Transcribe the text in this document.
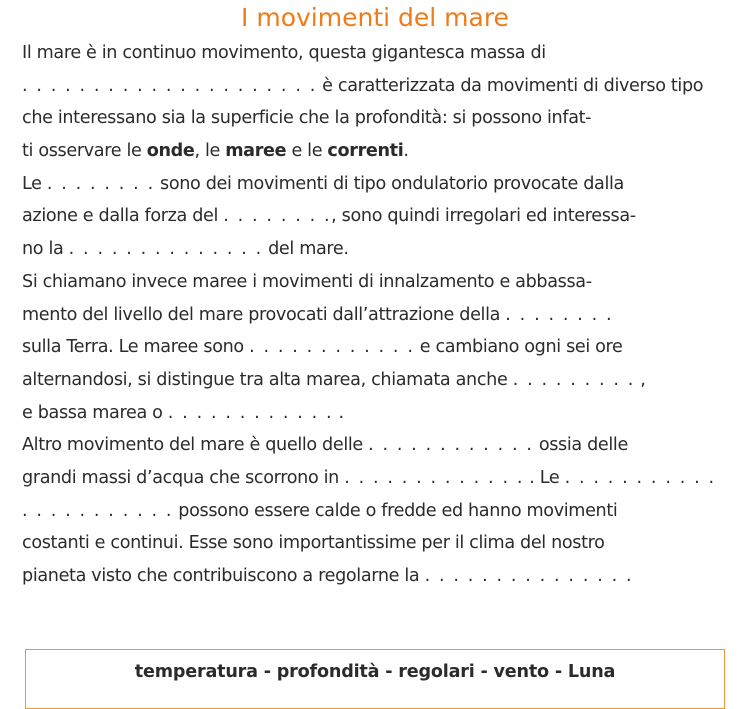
I movimenti del mare
Il mare è in continuo movimento, questa gigantesca massa di
. . . . . . . . . . . . . . . . . . . . . è caratterizzata da movimenti di diverso tipo
che interessano sia la superficie che la profondità: si possono infat-
ti osservare le onde, le maree e le correnti.
Le . . . . . . . . sono dei movimenti di tipo ondulatorio provocate dalla
azione e dalla forza del . . . . . . . ., sono quindi irregolari ed interessa-
no la . . . . . . . . . . . . . . del mare.
Si chiamano invece maree i movimenti di innalzamento e abbassa-
mento del livello del mare provocati dall’attrazione della . . . . . . . .
sulla Terra. Le maree sono . . . . . . . . . . . . e cambiano ogni sei ore
alternandosi, si distingue tra alta marea, chiamata anche . . . . . . . . . ,
e bassa marea o . . . . . . . . . . . . .
Altro movimento del mare è quello delle . . . . . . . . . . . . ossia delle
grandi massi d’acqua che scorrono in . . . . . . . . . . . . . . Le . . . . . . . . . . .
. . . . . . . . . . . possono essere calde o fredde ed hanno movimenti
costanti e continui. Esse sono importantissime per il clima del nostro
pianeta visto che contribuiscono a regolarne la . . . . . . . . . . . . . . .
temperatura - profondità - regolari - vento - Luna
